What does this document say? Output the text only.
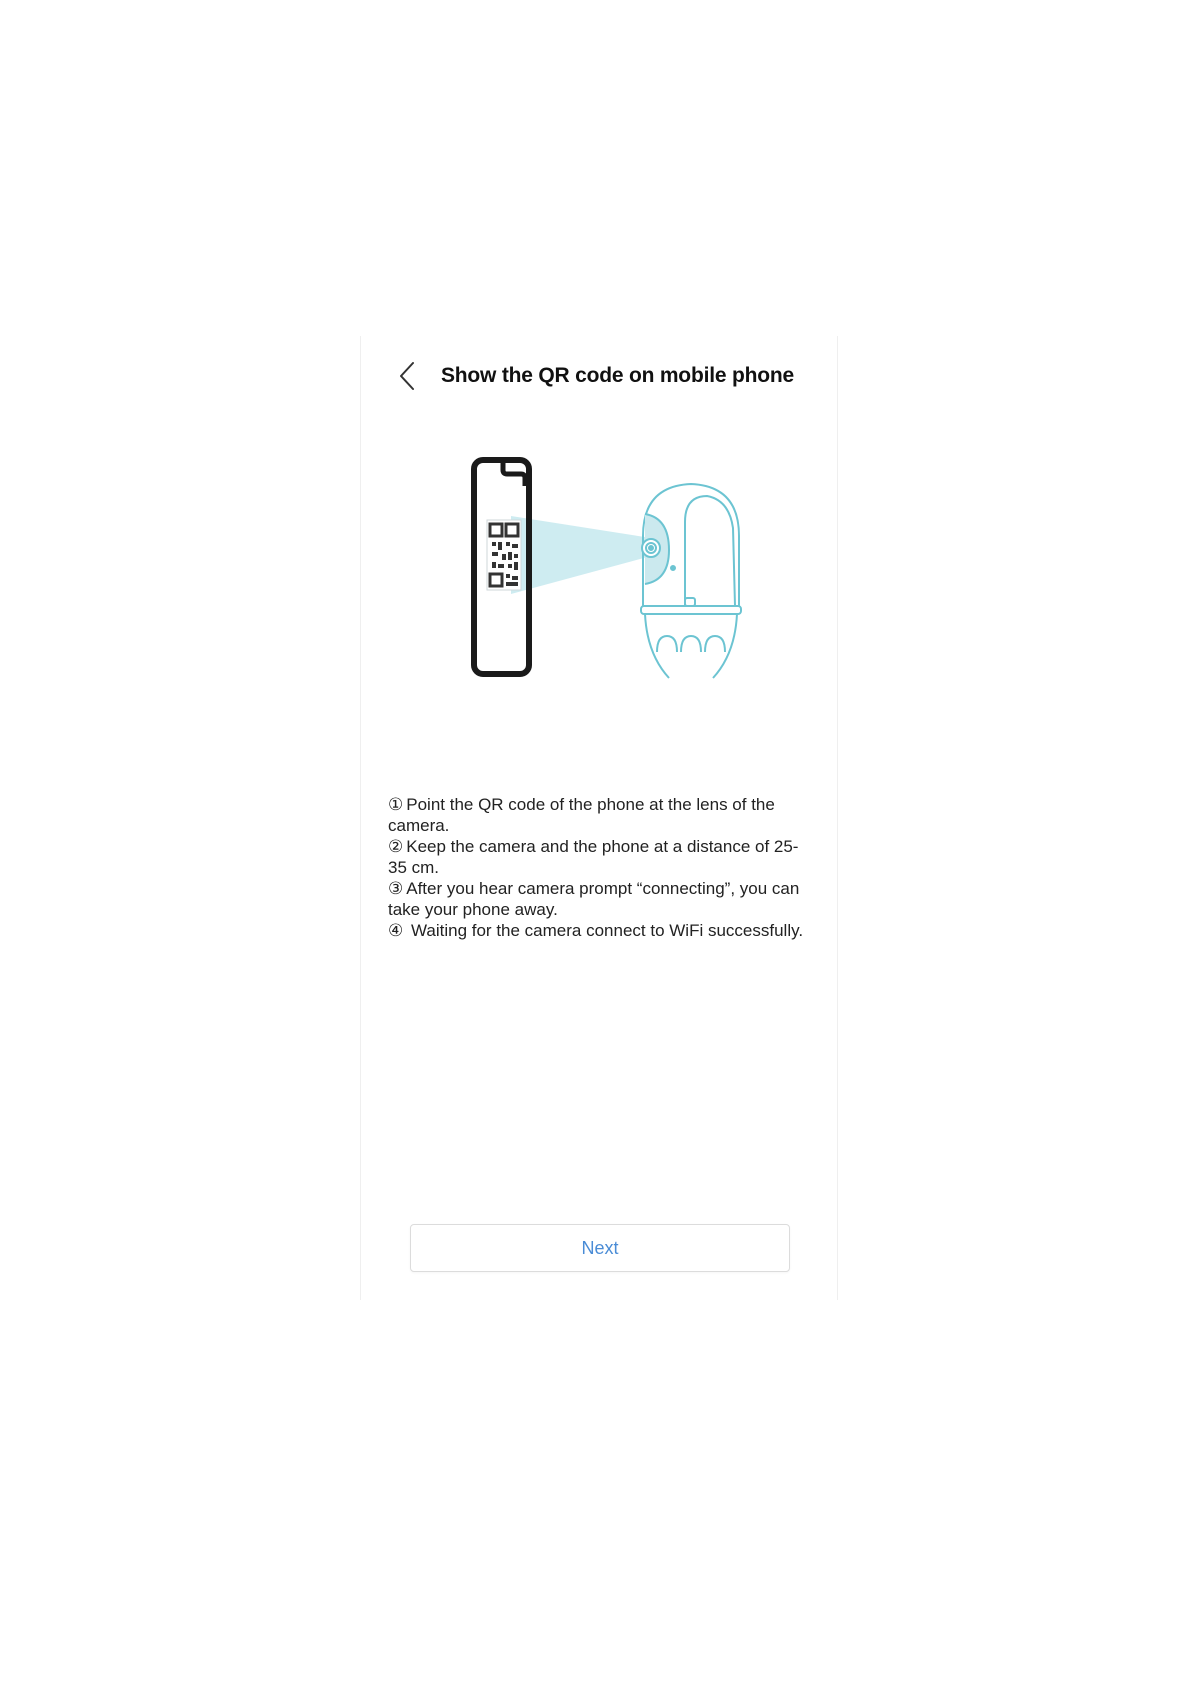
Show the QR code on mobile phone

① Point the QR code of the phone at the lens of the camera.

② Keep the camera and the phone at a distance of 25-35 cm.

③ After you hear camera prompt “connecting”, you can take your phone away.

④ Waiting for the camera connect to WiFi successfully.

Next
